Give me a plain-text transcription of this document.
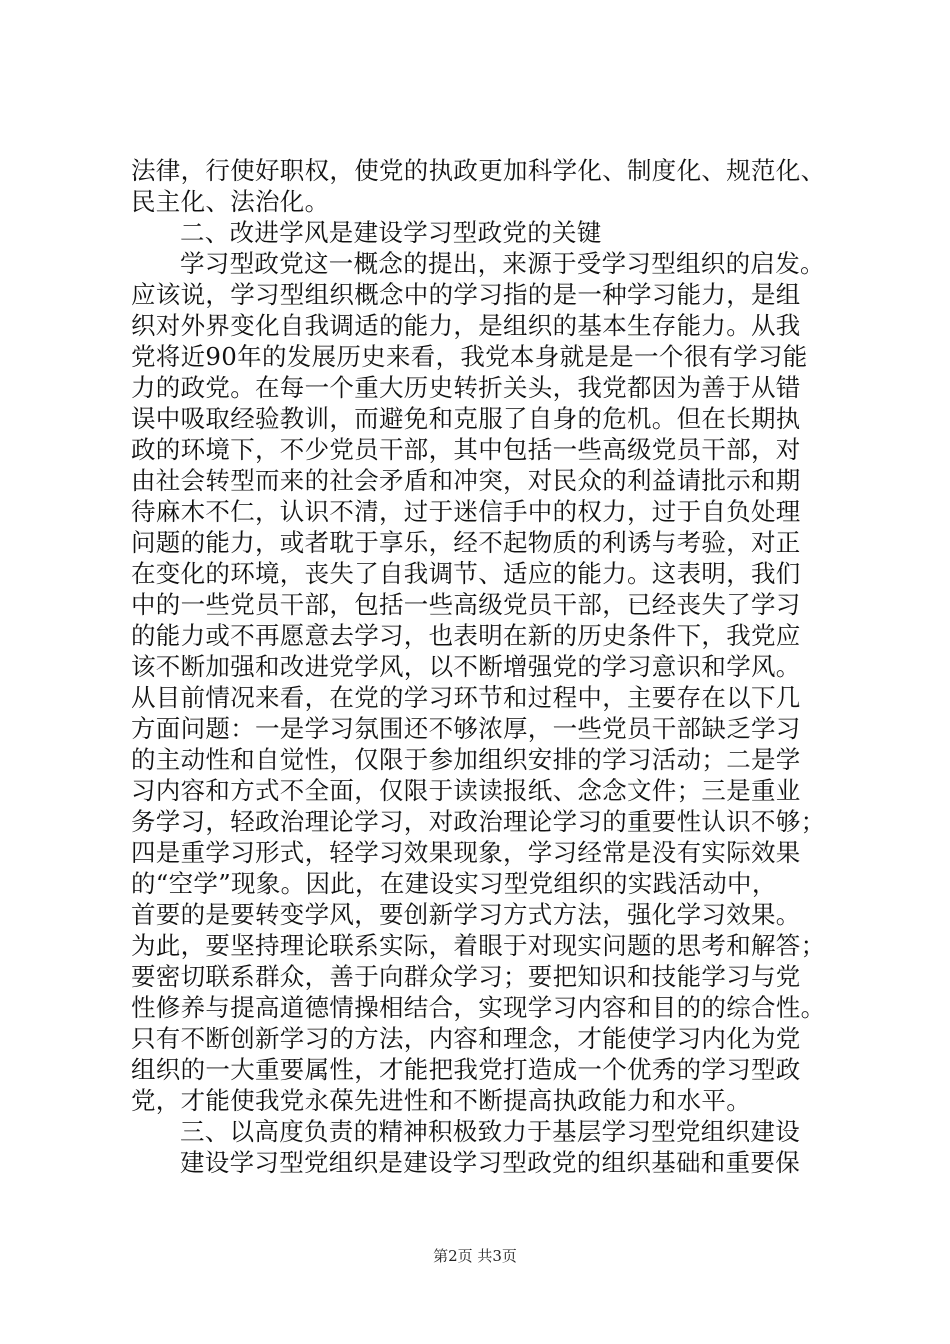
法律，行使好职权，使党的执政更加科学化、制度化、规范化、
民主化、法治化。
二、改进学风是建设学习型政党的关键
学习型政党这一概念的提出，来源于受学习型组织的启发。
应该说，学习型组织概念中的学习指的是一种学习能力，是组
织对外界变化自我调适的能力，是组织的基本生存能力。从我
党将近90年的发展历史来看，我党本身就是是一个很有学习能
力的政党。在每一个重大历史转折关头，我党都因为善于从错
误中吸取经验教训，而避免和克服了自身的危机。但在长期执
政的环境下，不少党员干部，其中包括一些高级党员干部，对
由社会转型而来的社会矛盾和冲突，对民众的利益请批示和期
待麻木不仁，认识不清，过于迷信手中的权力，过于自负处理
问题的能力，或者耽于享乐，经不起物质的利诱与考验，对正
在变化的环境，丧失了自我调节、适应的能力。这表明，我们
中的一些党员干部，包括一些高级党员干部，已经丧失了学习
的能力或不再愿意去学习，也表明在新的历史条件下，我党应
该不断加强和改进党学风，以不断增强党的学习意识和学风。
从目前情况来看，在党的学习环节和过程中，主要存在以下几
方面问题：一是学习氛围还不够浓厚，一些党员干部缺乏学习
的主动性和自觉性，仅限于参加组织安排的学习活动；二是学
习内容和方式不全面，仅限于读读报纸、念念文件；三是重业
务学习，轻政治理论学习，对政治理论学习的重要性认识不够；
四是重学习形式，轻学习效果现象，学习经常是没有实际效果
的“空学”现象。因此，在建设实习型党组织的实践活动中，
首要的是要转变学风，要创新学习方式方法，强化学习效果。
为此，要坚持理论联系实际，着眼于对现实问题的思考和解答；
要密切联系群众，善于向群众学习；要把知识和技能学习与党
性修养与提高道德情操相结合，实现学习内容和目的的综合性。
只有不断创新学习的方法，内容和理念，才能使学习内化为党
组织的一大重要属性，才能把我党打造成一个优秀的学习型政
党，才能使我党永葆先进性和不断提高执政能力和水平。
三、以高度负责的精神积极致力于基层学习型党组织建设
建设学习型党组织是建设学习型政党的组织基础和重要保
第2页 共3页
